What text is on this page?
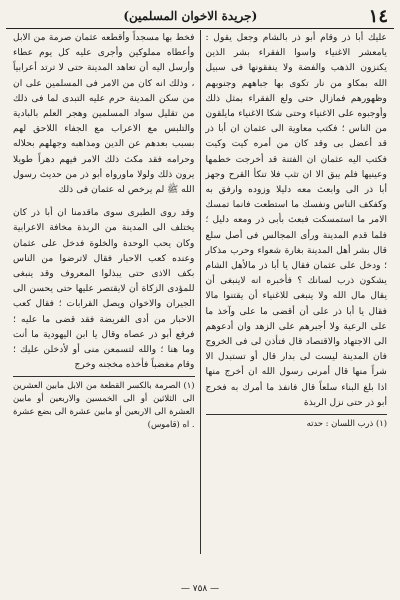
١٤
(جريدة الاخوان المسلمين)

عليك أبا ذر وقام أبو ذر بالشام وجعل يقول : يامعشر الاغنياء واسوا الفقراء بشر الذين يكنزون الذهب والفضة ولا ينفقونها فى سبيل الله بمكاو من نار تكوى بها جباههم وجنوبهم وظهورهم فمازال حتى ولع الفقراء بمثل ذلك وأوجبوه على الاغنياء وحتى شكا الاغنياء مايلقون من الناس ؛ فكتب معاوية الى عثمان ان أبا ذر قد أعضل بى وقد كان من أمره كيت وكيت فكتب اليه عثمان ان الفتنة قد أخرجت خطمها وعينيها فلم يبق الا ان تثب فلا تنكأ القرح وجهز أبا ذر الى وابعث معه دليلا وزوده وارفق به وكفكف الناس ونفسك ما استطعت فانما تمسك الامر ما استمسكت فبعث بأبى ذر ومعه دليل ؛ فلما قدم المدينة ورأى المجالس فى أصل سلع قال بشر أهل المدينة بغارة شعواء وحرب مذكار ؛ ودخل على عثمان فقال يا أبا ذر مالأهل الشام يشكون ذرب لسانك ؟ فأخبره انه لاينبغى أن يقال مال الله ولا ينبغى للاغنياء أن يقتنوا مالا فقال يا أبا ذر على أن أقضى ما على وآخذ ما على الرعية ولا أجبرهم على الزهد وان أدعوهم الى الاجتهاد والاقتصاد قال فتأذن لى فى الخروج فان المدينة ليست لى بدار قال أو تستبدل الا شراً منها قال أمرنى رسول الله ان أخرج منها اذا بلغ البناء سلعاً قال فانفذ ما أمرك به فخرج أبو ذر حتى نزل الربذة

(١) ذرب اللسان : حدته

فخط بها مسجداً وأقطعه عثمان صرمة من الابل وأعطاه مملوكين وأجرى عليه كل يوم عطاء وأرسل اليه أن تعاهد المدينة حتى لا ترتد أعرابياً ، وذلك انه كان من الامر فى المسلمين على ان من سكن المدينة حرم عليه التبدى لما فى ذلك من تقليل سواد المسلمين وهجر العلم بالبادية والتلبس مع الاعراب مع الجفاء اللاحق لهم بسبب بعدهم عن الدين ومذاهبه وجهلهم بحلاله وحرامه فقد مكث ذلك الامر فيهم دهراً طويلا يرون ذلك ولولا ماورواه أبو ذر من حديث رسول الله ﷺ لم يرخص له عثمان فى ذلك

وقد روى الطبرى سوى ماقدمنا ان أبا ذر كان يختلف الى المدينة من الربذة مخافة الاعرابية وكان يحب الوحدة والخلوة فدخل على عثمان وعنده كعب الاحبار فقال لاترضوا من الناس بكف الاذى حتى يبذلوا المعروف وقد ينبغى للمؤدى الزكاة أن لايقتصر عليها حتى يحسن الى الجيران والاخوان ويصل القرابات ؛ فقال كعب الاحبار من أدى الفريضة فقد قضى ما عليه ؛ فرفع أبو ذر عصاه وقال يا ابن اليهودية ما أنت وما هنا ؛ والله لتسمعن منى أو لأدخلن عليك ؛ وقام مغضباً فأخذه مخجنه وخرج

(١) الصرمة بالكسر القطعة من الابل مابين العشرين الى الثلاثين أو الى الخمسين والاربعين أو مابين العشرة الى الاربعين أو مابين عشرة الى بضع عشرة . اه (قاموس)
— ٧٥٨ —
